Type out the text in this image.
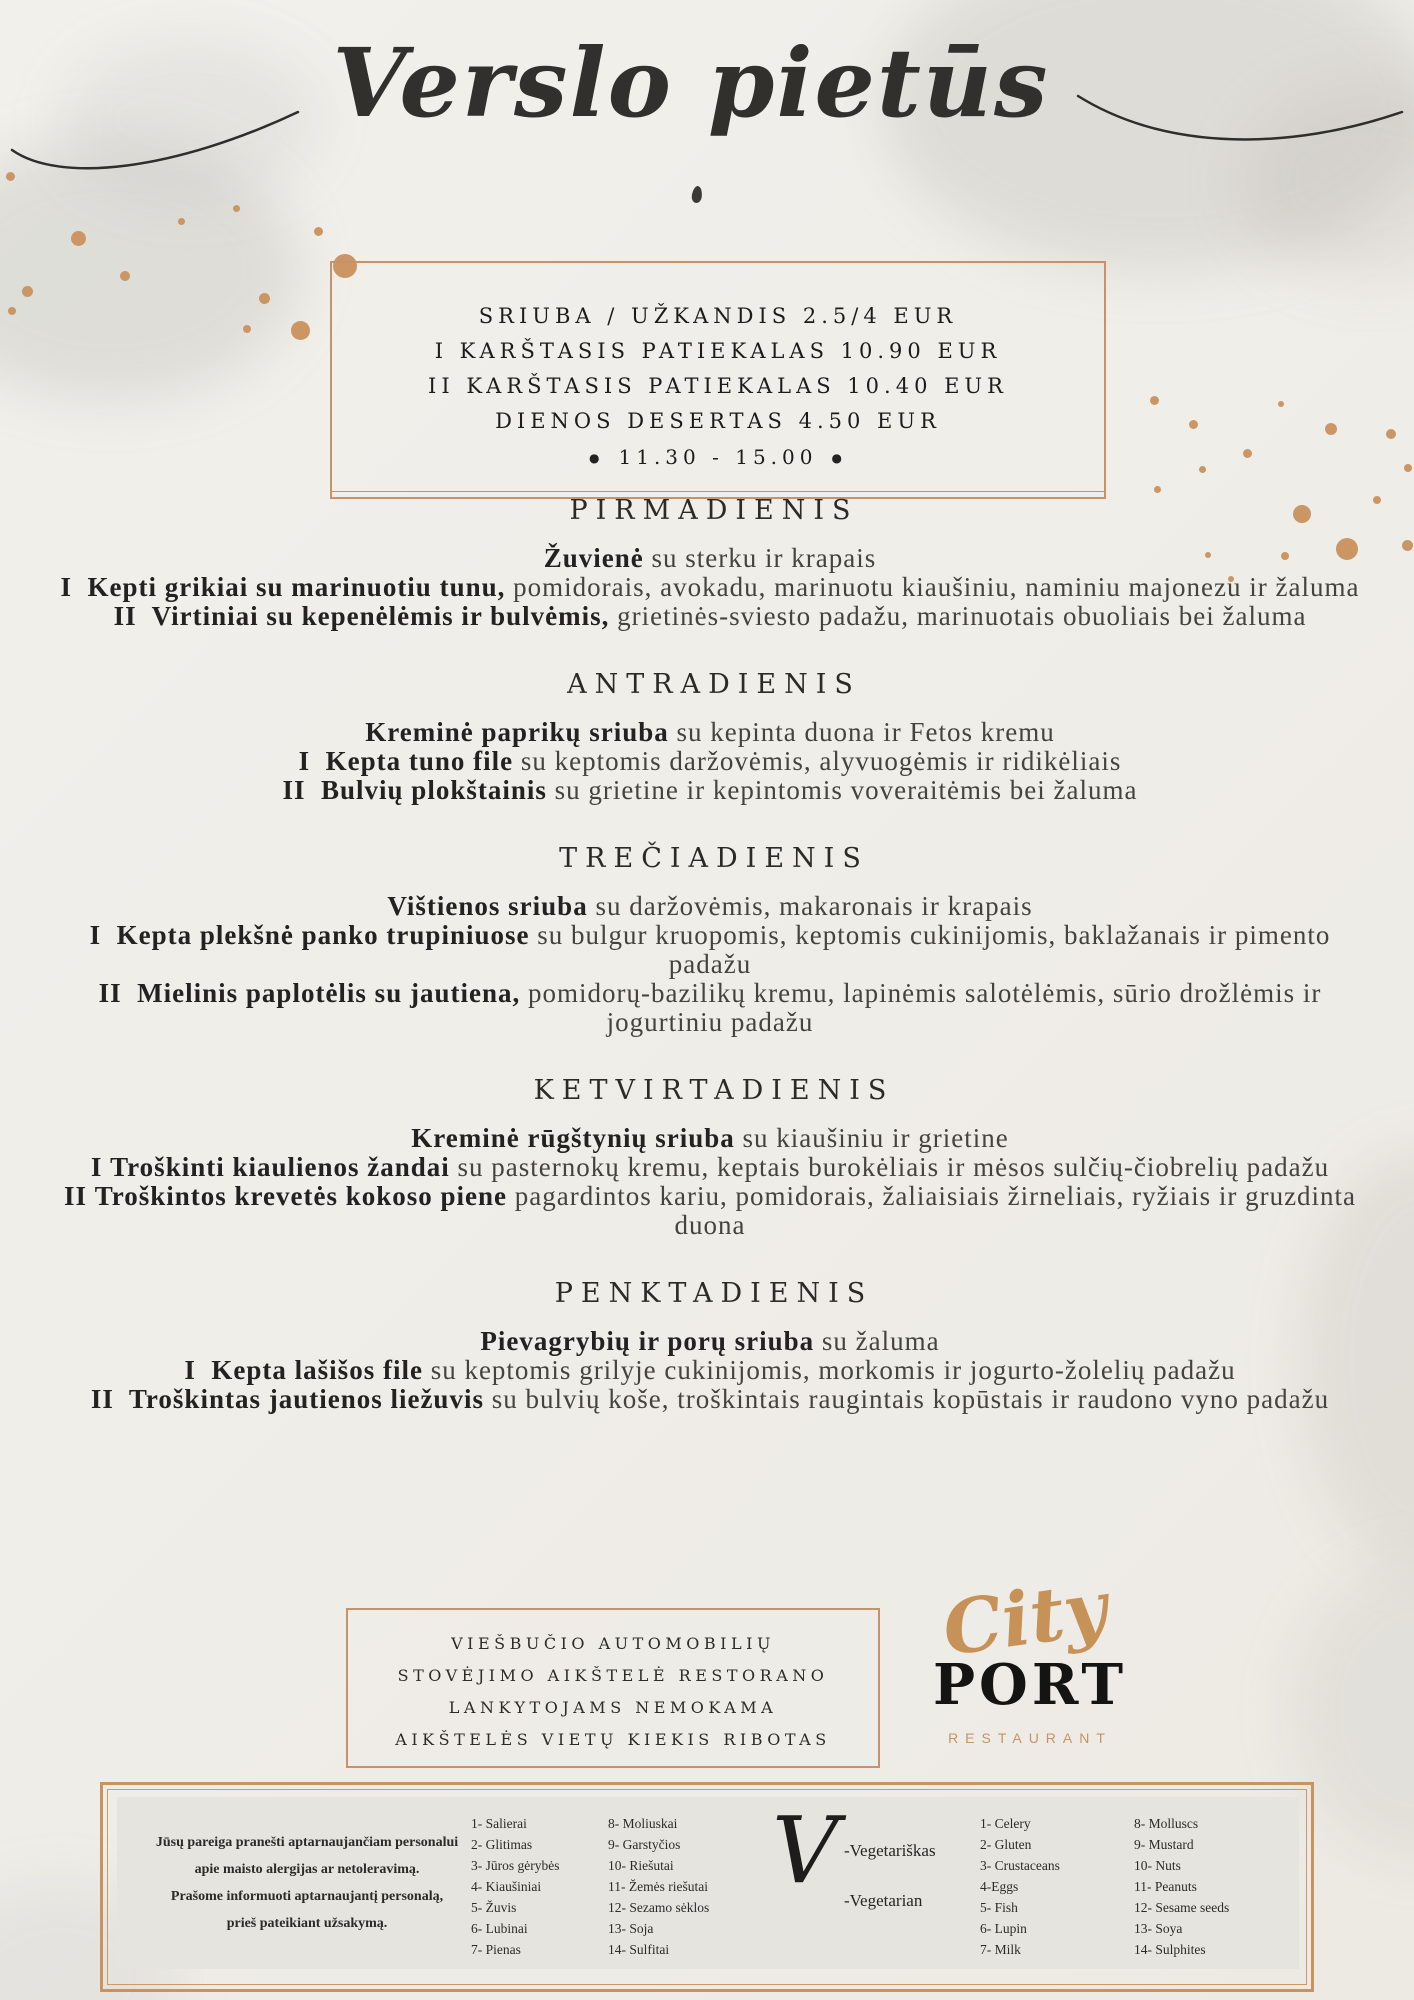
Verslo pietūs
SRIUBA / UŽKANDIS 2.5/4 EUR
I KARŠTASIS PATIEKALAS 10.90 EUR
II KARŠTASIS PATIEKALAS 10.40 EUR
DIENOS DESERTAS 4.50 EUR
● 11.30 - 15.00 ●
PIRMADIENIS

Žuvienė su sterku ir krapais

I  Kepti grikiai su marinuotiu tunu, pomidorais, avokadu, marinuotu kiaušiniu, naminiu majonezu ir žaluma

II  Virtiniai su kepenėlėmis ir bulvėmis, grietinės-sviesto padažu, marinuotais obuoliais bei žaluma

ANTRADIENIS

Kreminė paprikų sriuba su kepinta duona ir Fetos kremu

I  Kepta tuno file su keptomis daržovėmis, alyvuogėmis ir ridikėliais

II  Bulvių plokštainis su grietine ir kepintomis voveraitėmis bei žaluma

TREČIADIENIS

Vištienos sriuba su daržovėmis, makaronais ir krapais

I  Kepta plekšnė panko trupiniuose su bulgur kruopomis, keptomis cukinijomis, baklažanais ir pimento padažu

II  Mielinis paplotėlis su jautiena, pomidorų-bazilikų kremu, lapinėmis salotėlėmis, sūrio drožlėmis ir jogurtiniu padažu

KETVIRTADIENIS

Kreminė rūgštynių sriuba su kiaušiniu ir grietine

I Troškinti kiaulienos žandai su pasternokų kremu, keptais burokėliais ir mėsos sulčių-čiobrelių padažu

II Troškintos krevetės kokoso piene pagardintos kariu, pomidorais, žaliaisiais žirneliais, ryžiais ir gruzdinta duona

PENKTADIENIS

Pievagrybių ir porų sriuba su žaluma

I  Kepta lašišos file su keptomis grilyje cukinijomis, morkomis ir jogurto-žolelių padažu

II  Troškintas jautienos liežuvis su bulvių koše, troškintais raugintais kopūstais ir raudono vyno padažu

VIEŠBUČIO AUTOMOBILIŲ
STOVĖJIMO AIKŠTELĖ RESTORANO
LANKYTOJAMS NEMOKAMA
AIKŠTELĖS VIETŲ KIEKIS RIBOTAS
City
PORT
RESTAURANT
Jūsų pareiga pranešti aptarnaujančiam personalui
apie maisto alergijas ar netoleravimą.
Prašome informuoti aptarnaujantį personalą,
prieš pateikiant užsakymą.
1- Salierai
2- Glitimas
3- Jūros gėrybės
4- Kiaušiniai
5- Žuvis
6- Lubinai
7- Pienas
8- Moliuskai
9- Garstyčios
10- Riešutai
11- Žemės riešutai
12- Sezamo sėklos
13- Soja
14- Sulfitai
V -Vegetariškas
-Vegetarian
1- Celery
2- Gluten
3- Crustaceans
4-Eggs
5- Fish
6- Lupin
7- Milk
8- Molluscs
9- Mustard
10- Nuts
11- Peanuts
12- Sesame seeds
13- Soya
14- Sulphites
